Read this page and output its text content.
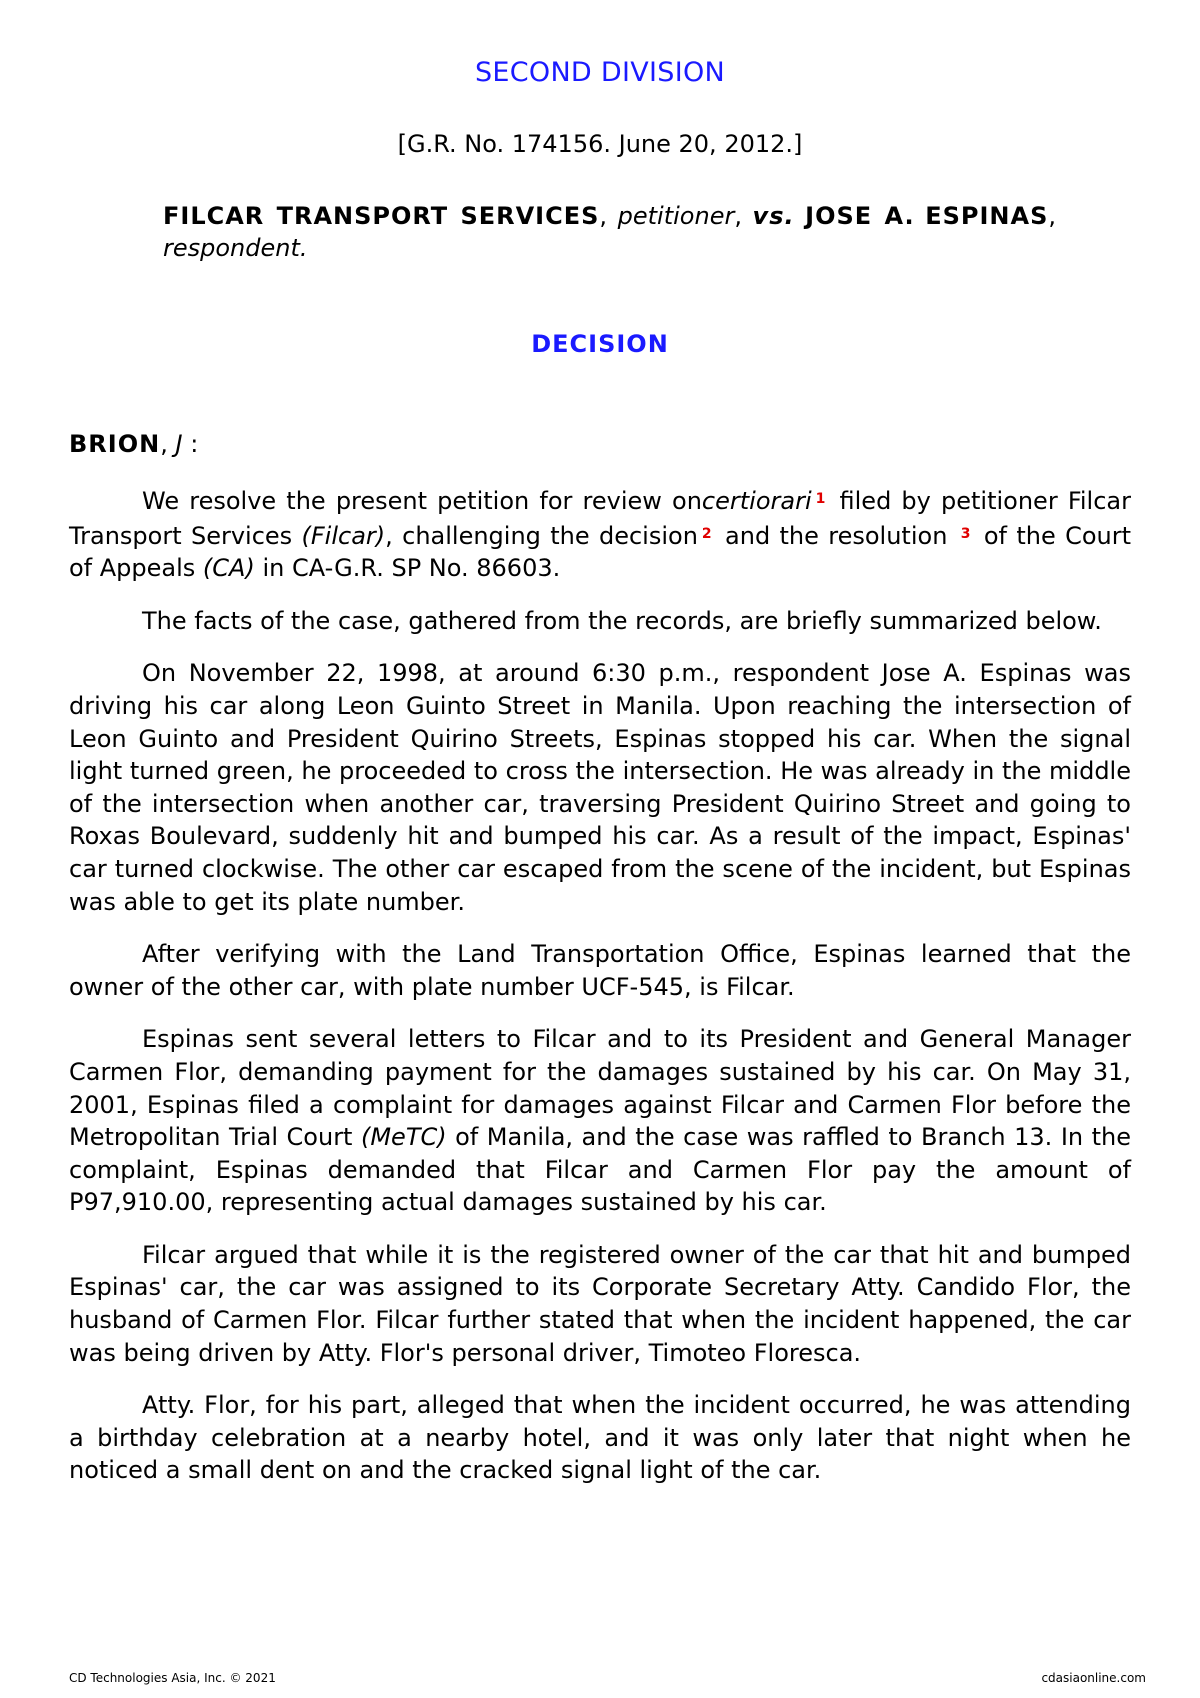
SECOND DIVISION
[G.R. No. 174156. June 20, 2012.]
FILCAR TRANSPORT SERVICES, petitioner, vs. JOSE A. ESPINAS, respondent.
DECISION
BRION, J :

We resolve the present petition for review oncertiorari $^1$ filed by petitioner Filcar Transport Services (Filcar), challenging the decision $^2$ and the resolution $^3$ of the Court of Appeals (CA) in CA-G.R. SP No. 86603.

The facts of the case, gathered from the records, are briefly summarized below.

On November 22, 1998, at around 6:30 p.m., respondent Jose A. Espinas was driving his car along Leon Guinto Street in Manila. Upon reaching the intersection of Leon Guinto and President Quirino Streets, Espinas stopped his car. When the signal light turned green, he proceeded to cross the intersection. He was already in the middle of the intersection when another car, traversing President Quirino Street and going to Roxas Boulevard, suddenly hit and bumped his car. As a result of the impact, Espinas' car turned clockwise. The other car escaped from the scene of the incident, but Espinas was able to get its plate number.

After verifying with the Land Transportation Office, Espinas learned that the owner of the other car, with plate number UCF-545, is Filcar.

Espinas sent several letters to Filcar and to its President and General Manager Carmen Flor, demanding payment for the damages sustained by his car. On May 31, 2001, Espinas filed a complaint for damages against Filcar and Carmen Flor before the Metropolitan Trial Court (MeTC) of Manila, and the case was raffled to Branch 13. In the complaint, Espinas demanded that Filcar and Carmen Flor pay the amount of P97,910.00, representing actual damages sustained by his car.

Filcar argued that while it is the registered owner of the car that hit and bumped Espinas' car, the car was assigned to its Corporate Secretary Atty. Candido Flor, the husband of Carmen Flor. Filcar further stated that when the incident happened, the car was being driven by Atty. Flor's personal driver, Timoteo Floresca.

Atty. Flor, for his part, alleged that when the incident occurred, he was attending a birthday celebration at a nearby hotel, and it was only later that night when he noticed a small dent on and the cracked signal light of the car.

CD Technologies Asia, Inc. © 2021	cdasiaonline.com
